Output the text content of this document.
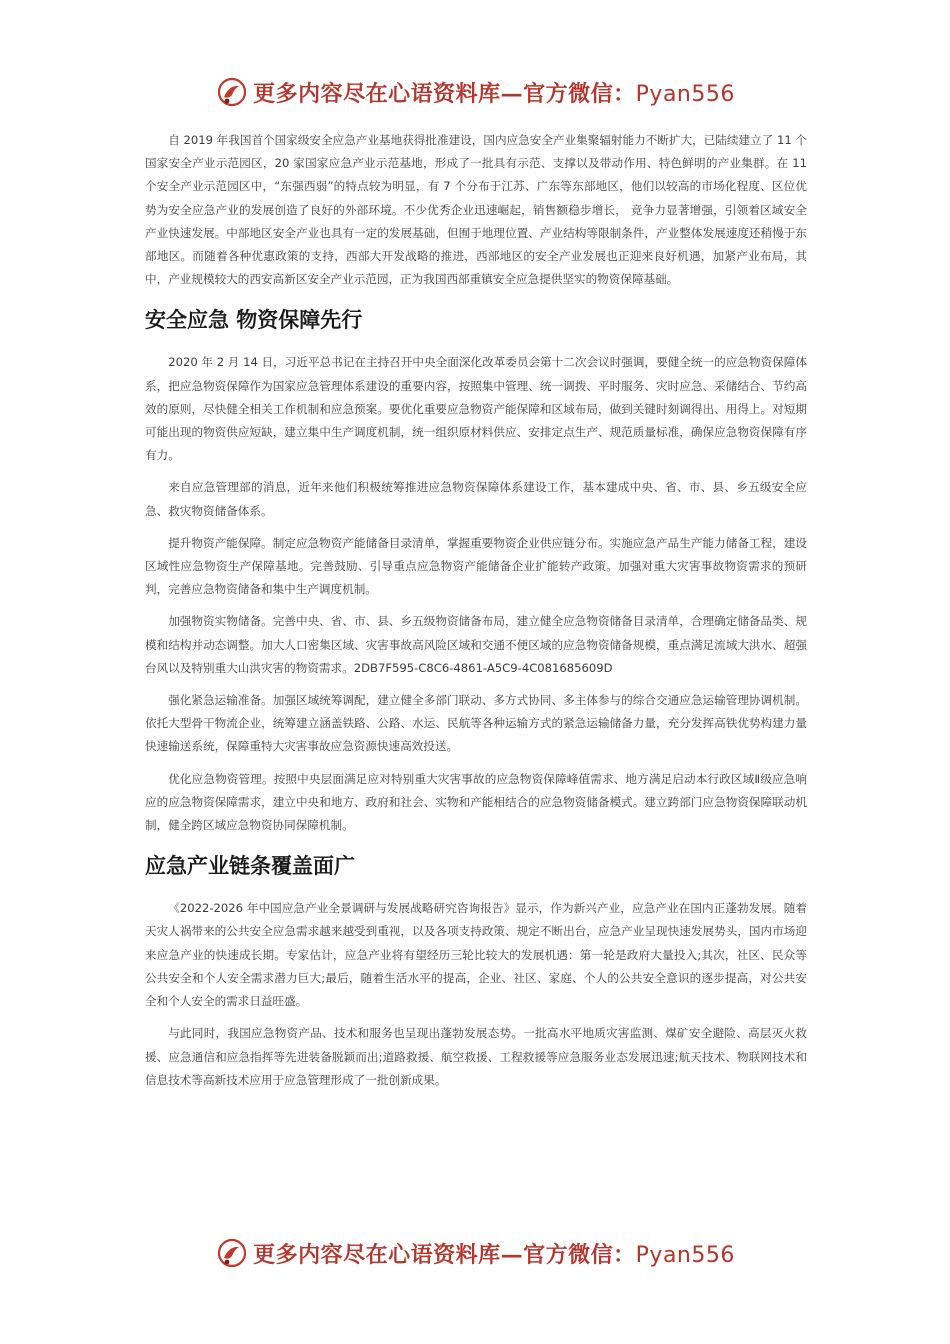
更多内容尽在心语资料库—官方微信：Pyan556

自 2019 年我国首个国家级安全应急产业基地获得批准建设，国内应急安全产业集聚辐射能力不断扩大，已陆续建立了 11 个国家安全产业示范园区，20 家国家应急产业示范基地，形成了一批具有示范、支撑以及带动作用、特色鲜明的产业集群。在 11 个安全产业示范园区中，“东强西弱”的特点较为明显，有 7 个分布于江苏、广东等东部地区，他们以较高的市场化程度、区位优势为安全应急产业的发展创造了良好的外部环境。不少优秀企业迅速崛起，销售额稳步增长， 竞争力显著增强，引领着区域安全产业快速发展。中部地区安全产业也具有一定的发展基础，但囿于地理位置、产业结构等限制条件，产业整体发展速度还稍慢于东部地区。而随着各种优惠政策的支持，西部大开发战略的推进，西部地区的安全产业发展也正迎来良好机遇，加紧产业布局，其中，产业规模较大的西安高新区安全产业示范园，正为我国西部重镇安全应急提供坚实的物资保障基础。

安全应急 物资保障先行

2020 年 2 月 14 日，习近平总书记在主持召开中央全面深化改革委员会第十二次会议时强调，要健全统一的应急物资保障体系，把应急物资保障作为国家应急管理体系建设的重要内容，按照集中管理、统一调拨、平时服务、灾时应急、采储结合、节约高效的原则，尽快健全相关工作机制和应急预案。要优化重要应急物资产能保障和区域布局，做到关键时刻调得出、用得上。对短期可能出现的物资供应短缺，建立集中生产调度机制，统一组织原材料供应、安排定点生产、规范质量标准，确保应急物资保障有序有力。

来自应急管理部的消息，近年来他们积极统筹推进应急物资保障体系建设工作，基本建成中央、省、市、县、乡五级安全应急、救灾物资储备体系。

提升物资产能保障。制定应急物资产能储备目录清单，掌握重要物资企业供应链分布。实施应急产品生产能力储备工程，建设区域性应急物资生产保障基地。完善鼓励、引导重点应急物资产能储备企业扩能转产政策。加强对重大灾害事故物资需求的预研判，完善应急物资储备和集中生产调度机制。

加强物资实物储备。完善中央、省、市、县、乡五级物资储备布局，建立健全应急物资储备目录清单，合理确定储备品类、规模和结构并动态调整。加大人口密集区域、灾害事故高风险区域和交通不便区域的应急物资储备规模，重点满足流域大洪水、超强台风以及特别重大山洪灾害的物资需求。2DB7F595-C8C6-4861-A5C9-4C081685609D

强化紧急运输准备。加强区域统筹调配，建立健全多部门联动、多方式协同、多主体参与的综合交通应急运输管理协调机制。依托大型骨干物流企业，统筹建立涵盖铁路、公路、水运、民航等各种运输方式的紧急运输储备力量，充分发挥高铁优势构建力量快速输送系统，保障重特大灾害事故应急资源快速高效投送。

优化应急物资管理。按照中央层面满足应对特别重大灾害事故的应急物资保障峰值需求、地方满足启动本行政区域Ⅱ级应急响应的应急物资保障需求，建立中央和地方、政府和社会、实物和产能相结合的应急物资储备模式。建立跨部门应急物资保障联动机制，健全跨区域应急物资协同保障机制。

应急产业链条覆盖面广

《2022-2026 年中国应急产业全景调研与发展战略研究咨询报告》显示，作为新兴产业，应急产业在国内正蓬勃发展。随着天灾人祸带来的公共安全应急需求越来越受到重视，以及各项支持政策、规定不断出台，应急产业呈现快速发展势头，国内市场迎来应急产业的快速成长期。专家估计，应急产业将有望经历三轮比较大的发展机遇：第一轮是政府大量投入;其次，社区、民众等公共安全和个人安全需求潜力巨大;最后，随着生活水平的提高，企业、社区、家庭、个人的公共安全意识的逐步提高，对公共安全和个人安全的需求日益旺盛。

与此同时，我国应急物资产品、技术和服务也呈现出蓬勃发展态势。一批高水平地质灾害监测、煤矿安全避险、高层灭火救援、应急通信和应急指挥等先进装备脱颖而出;道路救援、航空救援、工程救援等应急服务业态发展迅速;航天技术、物联网技术和信息技术等高新技术应用于应急管理形成了一批创新成果。

更多内容尽在心语资料库—官方微信：Pyan556
